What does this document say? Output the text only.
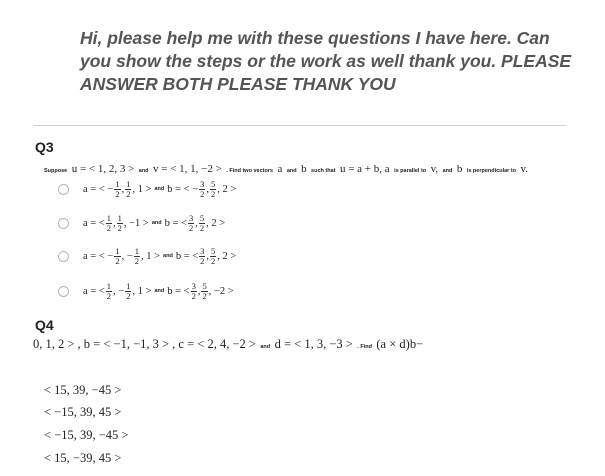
Hi, please help me with these questions I have here. Can you show the steps or the work as well thank you. PLEASE ANSWER BOTH PLEASE THANK YOU
Q3
Suppose u = < 1, 2, 3 > and v = < 1, 1, −2 > . Find two vectors a and b such that u = a + b, a is parallel to v, and b is perpendicular to v.
a = < − $\frac{1}{2}$ , $\frac{1}{2}$ , 1 > and b = < − $\frac{3}{2}$ , $\frac{5}{2}$ , 2 >
a = < $\frac{1}{2}$ , $\frac{1}{2}$ , −1 > and b = < $\frac{3}{2}$ , $\frac{5}{2}$ , 2 >
a = < − $\frac{1}{2}$ , − $\frac{1}{2}$ , 1 > and b = < $\frac{3}{2}$ , $\frac{5}{2}$ , 2 >
a = < $\frac{1}{2}$ , − $\frac{1}{2}$ , 1 > and b = < $\frac{3}{2}$ , $\frac{5}{2}$ , −2 >
Q4
0, 1, 2 > , b = < −1, −1, 3 > , c = < 2, 4, −2 > and d = < 1, 3, −3 > . Find (a × d)b−
< 15, 39, −45 >
< −15, 39, 45 >
< −15, 39, −45 >
< 15, −39, 45 >
